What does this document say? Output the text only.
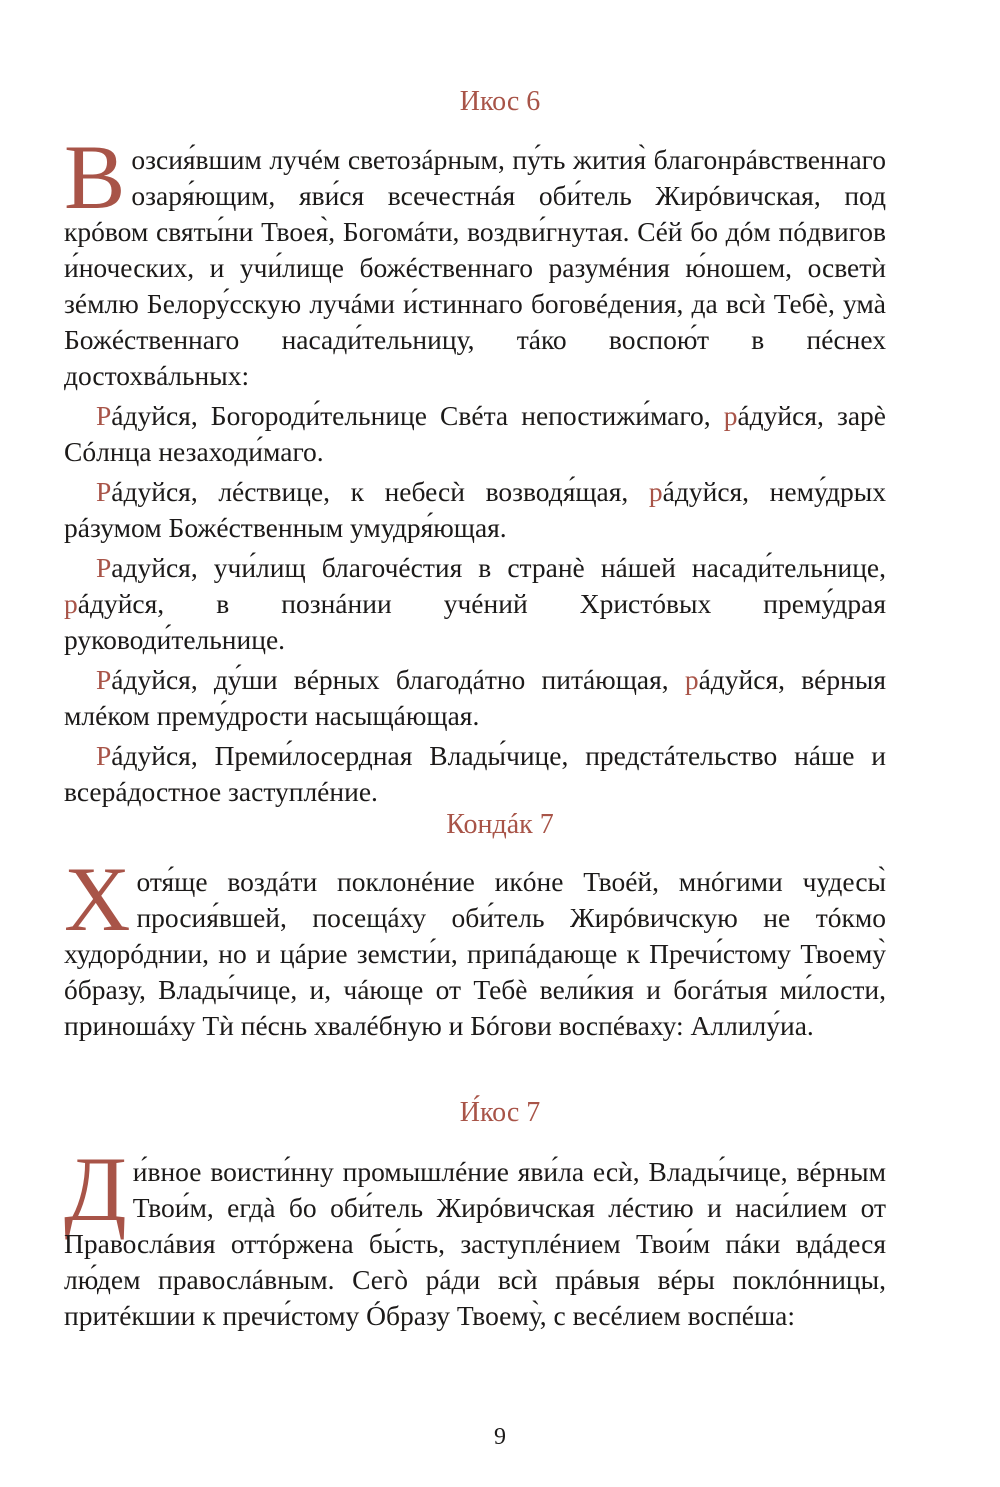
Икос 6

Возсия́вшим лучéм светозáрным, пу́ть жития̀ благонрáвственнаго озаря́ющим, яви́ся всечестнáя оби́тель Жирóвичская, под крóвом святы́ни Твоея̀, Богомáти, воздви́гнутая. Сéй бо дóм пóдвигов и́ноческих, и учи́лище божéственнаго разумéния ю́ношем, осветѝ зéмлю Белору́сскую лучáми и́стиннаго боговéдения, да всѝ Тебѐ, умà Божéственнаго насади́тельницу, тáко воспою́т в пéснех достохвáльных:

Рáдуйся, Богороди́тельнице Свéта непостижи́маго, рáдуйся, зарѐ Сóлнца незаходи́маго.

Рáдуйся, лéствице, к небесѝ возводя́щая, рáдуйся, нему́дрых рáзумом Божéственным умудря́ющая.

Радуйся, учи́лищ благочéстия в странѐ нáшей насади́тельнице, рáдуйся, в познáнии учéний Христóвых прему́драя руководи́тельнице.

Рáдуйся, ду́ши вéрных благодáтно питáющая, рáдуйся, вéрныя млéком прему́дрости насыщáющая.

Рáдуйся, Преми́лосердная Влады́чице, предстáтельство нáше и всерáдостное заступлéние.

Кондáк 7

Хотя́ще воздáти поклонéние икóне Твоéй, мнóгими чудесы̀ просия́вшей, посещáху оби́тель Жирóвичскую не тóкмо худорóднии, но и цáрие земсти́и, припáдающе к Пречи́стому Твоему̀ óбразу, Влады́чице, и, чáюще от Тебѐ вели́кия и богáтыя ми́лости, приношáху Тѝ пéснь хвалéбную и Бóгови воспéваху: Аллилу́иа.

И́кос 7

Ди́вное воисти́нну промышлéние яви́ла есѝ, Влады́чице, вéрным Твои́м, егдà бо оби́тель Жирóвичская лéстию и наси́лием от Правослáвия оттóржена бы́сть, заступлéнием Твои́м пáки вдáдеся лю́дем правослáвным. Сегò рáди всѝ прáвыя вéры поклóнницы, притéкшии к пречи́стому Óбразу Твоему̀, с весéлием воспéша:

9
